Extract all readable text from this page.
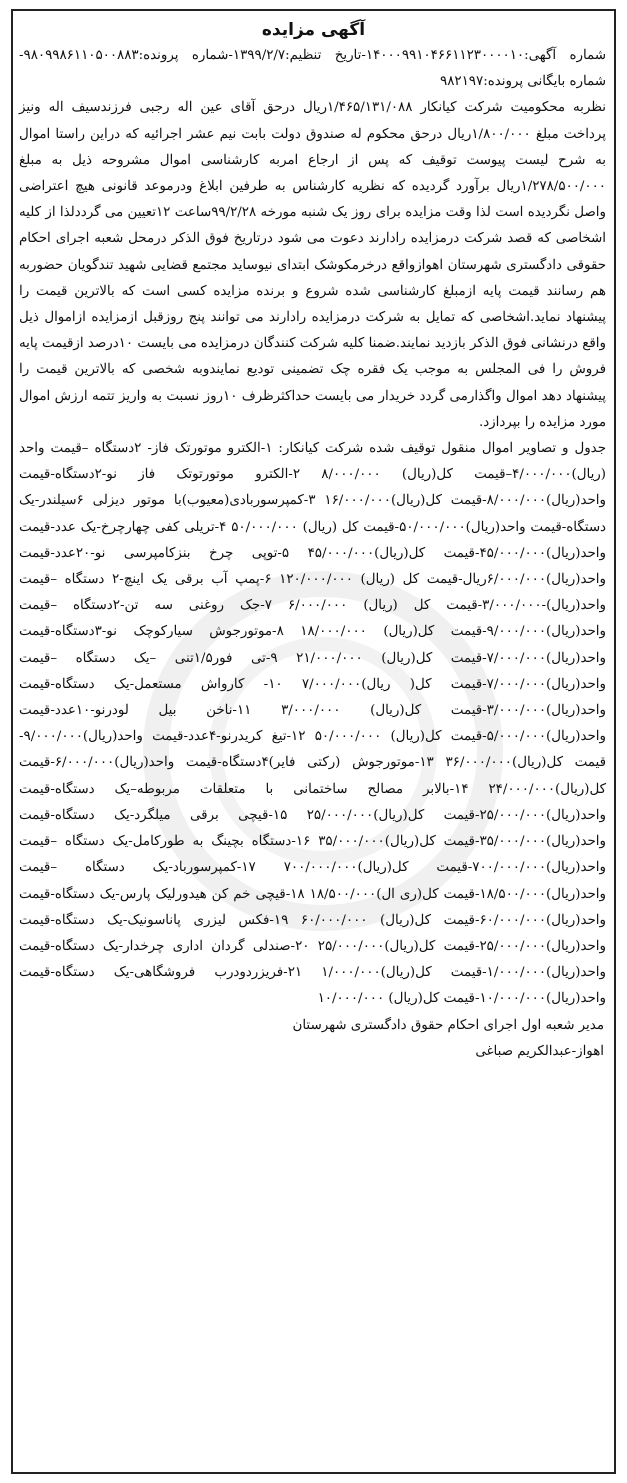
آگهی مزایده

شماره آگهی:۱۴۰۰۰۹۹۱۰۴۶۶۱۱۲۳۰۰۰۰۱۰-تاریخ تنظیم:۱۳۹۹/۲/۷-شماره پرونده:۹۸۰۹۹۸۶۱۱۰۵۰۰۸۸۳-شماره بایگانی پرونده:۹۸۲۱۹۷

نظربه محکومیت شرکت کیانکار ۱/۴۶۵/۱۳۱/۰۸۸ریال درحق آقای عین اله رجبی فرزندسیف اله ونیز پرداخت مبلغ ۱/۸۰۰/۰۰۰ریال درحق محکوم له صندوق دولت بابت نیم عشر اجرائیه که دراین راستا اموال به شرح لیست پیوست توقیف که پس از ارجاع امربه کارشناسی اموال مشروحه ذیل به مبلغ ۱/۲۷۸/۵۰۰/۰۰۰ریال برآورد گردیده که نظریه کارشناس به طرفین ابلاغ ودرموعد قانونی هیچ اعتراضی واصل نگردیده است لذا وقت مزایده برای روز یک شنبه مورخه ۹۹/۲/۲۸ساعت ۱۲تعیین می گرددلذا از کلیه اشخاصی که قصد شرکت درمزایده رادارند دعوت می شود درتاریخ فوق الذکر درمحل شعبه اجرای احکام حقوقی دادگستری شهرستان اهوازواقع درخرمکوشک ابتدای نیوساید مجتمع قضایی شهید تندگویان حضوربه هم رسانند قیمت پایه ازمبلغ کارشناسی شده شروع و برنده مزایده کسی است که بالاترین قیمت را پیشنهاد نماید.اشخاصی که تمایل به شرکت درمزایده رادارند می توانند پنج روزقبل ازمزایده ازاموال ذیل واقع درنشانی فوق الذکر بازدید نمایند.ضمنا کلیه شرکت کنندگان درمزایده می بایست ۱۰درصد ازقیمت پایه فروش را فی المجلس به موجب یک فقره چک تضمینی توديع نمایندوبه شخصی که بالاترین قیمت را پیشنهاد دهد اموال واگذارمی گردد خریدار می بایست حداکثرظرف ۱۰روز نسبت به واریز تتمه ارزش اموال مورد مزایده را بپردازد.

جدول و تصاویر اموال منقول توقیف شده شرکت کیانکار: ۱-الکترو موتورتک فاز- ۲دستگاه –قیمت واحد (ریال)۴/۰۰۰/۰۰۰–قیمت کل(ریال) ۸/۰۰۰/۰۰۰ ۲-الکترو موتورتوتک فاز نو-۲دستگاه-قیمت واحد(ریال)۸/۰۰۰/۰۰۰-قیمت کل(ریال)۱۶/۰۰۰/۰۰۰ ۳-کمپرسوربادی(معیوب)با موتور دیزلی ۶سیلندر-یک دستگاه-قیمت واحد(ریال)۵۰/۰۰۰/۰۰۰-قیمت کل (ریال) ۵۰/۰۰۰/۰۰۰ ۴-تریلی کفی چهارچرخ-یک عدد-قیمت واحد(ریال)۴۵/۰۰۰/۰۰۰-قیمت کل(ریال)۴۵/۰۰۰/۰۰۰ ۵-توپی چرخ بنزکامپرسی نو-۲۰عدد-قیمت واحد(ریال)۶/۰۰۰/۰۰۰ریال-قیمت کل (ریال) ۱۲۰/۰۰۰/۰۰۰ ۶-پمپ آب برقی یک اینچ-۲ دستگاه –قیمت واحد(ریال)-۳/۰۰۰/۰۰۰-قیمت کل (ریال) ۶/۰۰۰/۰۰۰ ۷-جک روغنی سه تن-۲دستگاه –قیمت واحد(ریال)۹/۰۰۰/۰۰۰-قیمت کل(ریال) ۱۸/۰۰۰/۰۰۰ ۸-موتورجوش سیارکوچک نو-۳دستگاه-قیمت واحد(ریال)۷/۰۰۰/۰۰۰-قیمت کل(ریال) ۲۱/۰۰۰/۰۰۰ ۹-تی فور۱/۵تنی –یک دستگاه –قیمت واحد(ریال)۷/۰۰۰/۰۰۰-قیمت کل( ریال)۷/۰۰۰/۰۰۰ ۱۰- کارواش مستعمل-یک دستگاه-قیمت واحد(ریال)۳/۰۰۰/۰۰۰-قیمت کل(ریال) ۳/۰۰۰/۰۰۰ ۱۱-ناخن بیل لودرنو-۱۰عدد-قیمت واحد(ریال)۵/۰۰۰/۰۰۰-قیمت کل(ریال) ۵۰/۰۰۰/۰۰۰ ۱۲-تیغ کریدرنو-۴عدد-قیمت واحد(ریال)۹/۰۰۰/۰۰۰-قیمت کل(ریال)۳۶/۰۰۰/۰۰۰ ۱۳-موتورجوش (رکتی فایر)۴دستگاه-قیمت واحد(ریال)۶/۰۰۰/۰۰۰-قیمت کل(ریال)۲۴/۰۰۰/۰۰۰ ۱۴-بالابر مصالح ساختمانی با متعلقات مربوطه–یک دستگاه-قیمت واحد(ریال)۲۵/۰۰۰/۰۰۰-قیمت کل(ریال)۲۵/۰۰۰/۰۰۰ ۱۵-قیچی برقی میلگرد-یک دستگاه-قیمت واحد(ریال)۳۵/۰۰۰/۰۰۰-قیمت کل(ریال)۳۵/۰۰۰/۰۰۰ ۱۶-دستگاه بچینگ به طورکامل-یک دستگاه –قیمت واحد(ریال)۷۰۰/۰۰۰/۰۰۰-قیمت کل(ریال)۷۰۰/۰۰۰/۰۰۰ ۱۷-کمپرسورباد-یک دستگاه –قیمت واحد(ریال)۱۸/۵۰۰/۰۰۰-قیمت کل(ری ال)۱۸/۵۰۰/۰۰۰ ۱۸-قیچی خم کن هیدورلیک پارس-یک دستگاه-قیمت واحد(ریال)۶۰/۰۰۰/۰۰۰-قیمت کل(ریال) ۶۰/۰۰۰/۰۰۰ ۱۹-فکس لیزری پاناسونیک-یک دستگاه-قیمت واحد(ریال)۲۵/۰۰۰/۰۰۰-قیمت کل(ریال)۲۵/۰۰۰/۰۰۰ ۲۰-صندلی گردان اداری چرخدار-یک دستگاه-قیمت واحد(ریال)۱/۰۰۰/۰۰۰-قیمت کل(ریال)۱/۰۰۰/۰۰۰ ۲۱-فریزردودرب فروشگاهی-یک دستگاه-قیمت واحد(ریال)۱۰/۰۰۰/۰۰۰-قیمت کل(ریال) ۱۰/۰۰۰/۰۰۰

مدیر شعبه اول اجرای احکام حقوق دادگستری شهرستان

اهواز-عبدالکریم صباغی
